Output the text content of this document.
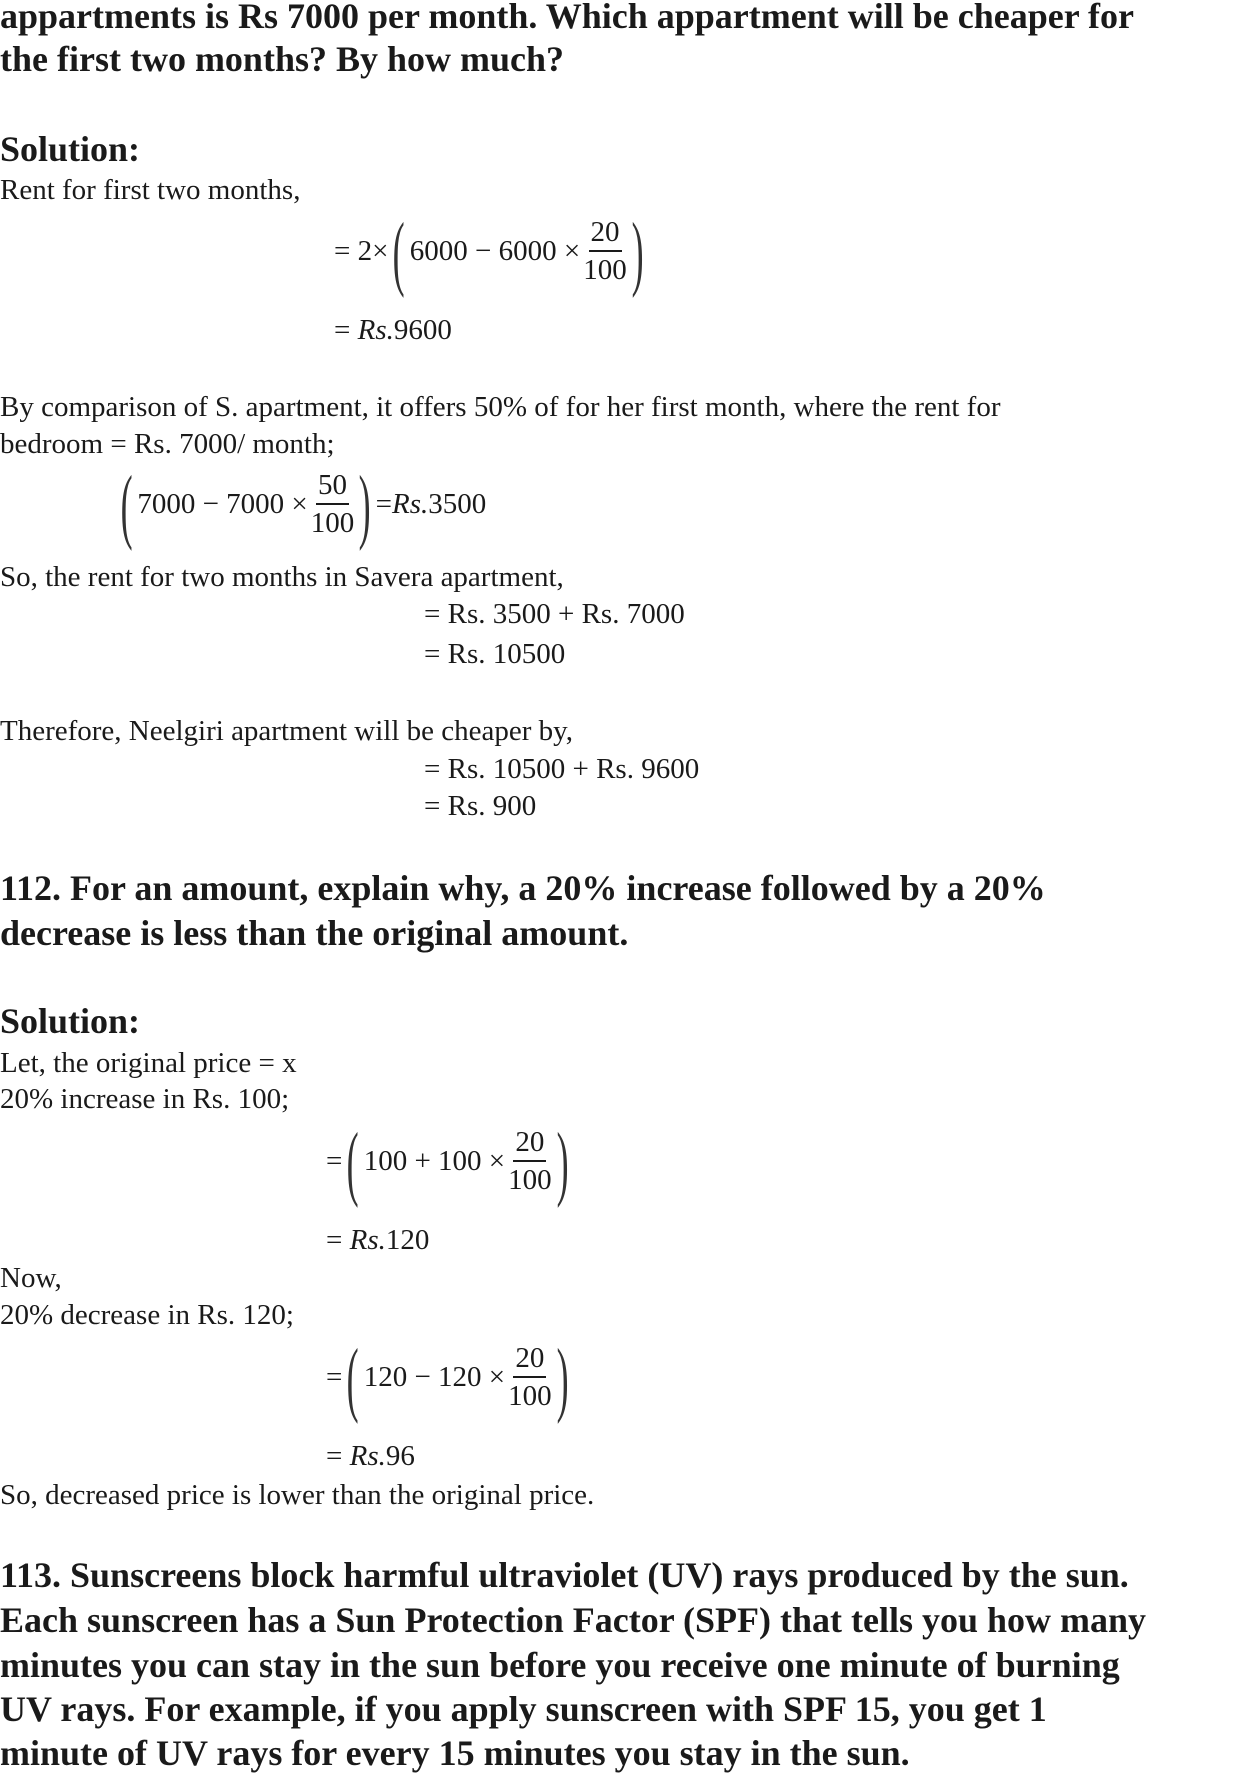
appartments is Rs 7000 per month. Which appartment will be cheaper for
the first two months? By how much?
Solution:
Rent for first two months,
= 2× ( $6000 - 6000 \times \frac{20}{100}$ )
= Rs.9600
By comparison of S. apartment, it offers 50% of for her first month, where the rent for
bedroom = Rs. 7000/ month;
( $7000 - 7000 \times \frac{50}{100}$ ) = Rs. 3500
So, the rent for two months in Savera apartment,
= Rs. 3500 + Rs. 7000
= Rs. 10500
Therefore, Neelgiri apartment will be cheaper by,
= Rs. 10500 + Rs. 9600
= Rs. 900
112. For an amount, explain why, a 20% increase followed by a 20%
decrease is less than the original amount.
Solution:
Let, the original price = x
20% increase in Rs. 100;
= ( $100 + 100 \times \frac{20}{100}$ )
= Rs.120
Now,
20% decrease in Rs. 120;
= ( $120 - 120 \times \frac{20}{100}$ )
= Rs.96
So, decreased price is lower than the original price.
113. Sunscreens block harmful ultraviolet (UV) rays produced by the sun.
Each sunscreen has a Sun Protection Factor (SPF) that tells you how many
minutes you can stay in the sun before you receive one minute of burning
UV rays. For example, if you apply sunscreen with SPF 15, you get 1
minute of UV rays for every 15 minutes you stay in the sun.
